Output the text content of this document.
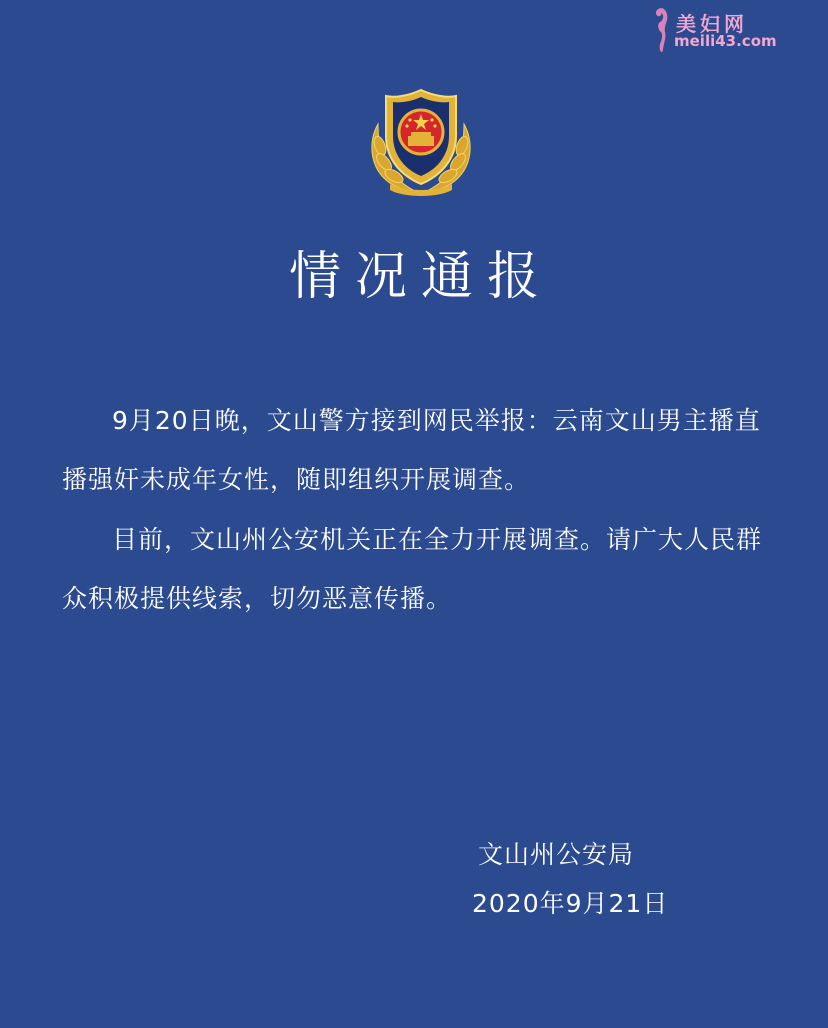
美妇网
meili43.com
情况通报
9月20日晚，文山警方接到网民举报：云南文山男主播直播强奸未成年女性，随即组织开展调查。
目前，文山州公安机关正在全力开展调查。请广大人民群众积极提供线索，切勿恶意传播。
文山州公安局
2020年9月21日
